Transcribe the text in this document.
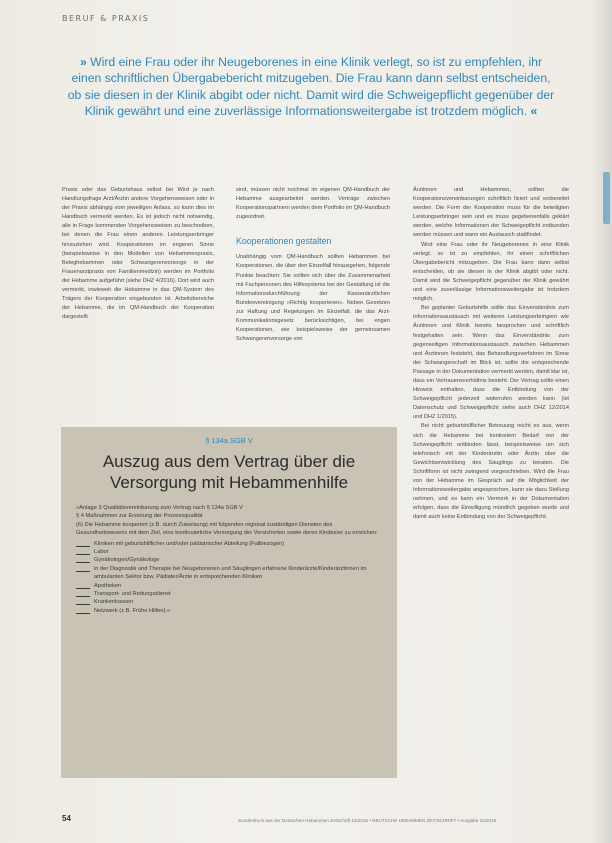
BERUF & PRAXIS
» Wird eine Frau oder ihr Neugeborenes in eine Klinik verlegt, so ist zu empfehlen, ihr einen schriftlichen Übergabebericht mitzugeben. Die Frau kann dann selbst entscheiden, ob sie diesen in der Klinik abgibt oder nicht. Damit wird die Schweigepflicht gegenüber der Klinik gewährt und eine zuverlässige Informationsweitergabe ist trotzdem möglich. «

Praxis oder das Geburtshaus selbst bei Wird je nach Handlungsfrage Arzt/Ärztin andere Vorgehensweisen oder in der Praxis abhängig vom jeweiligen Anlass, so kann dies im Handbuch vermerkt werden. Es ist jedoch nicht notwendig, alle in Frage kommenden Vorgehensweisen zu beschreiben, bei denen die Frau einen anderen Leistungserbringer hinzuziehen wird. Kooperationen im engeren Sinne (beispielsweise in den Modellen von Hebammenpraxis, Beleghebammen oder Schwangerenvorsorge in der Frauenarztpraxis von Familienmedizin) werden im Portfolio der Hebamme aufgeführt (siehe DHZ 4/2016). Dort wird auch vermerkt, inwieweit die Hebamme in das QM-System des Trägers der Kooperation eingebunden ist. Arbeitsbereiche der Hebamme, die im QM-Handbuch der Kooperation dargestellt

sind, müssen nicht nochmal im eigenen QM-Handbuch der Hebamme ausgearbeitet werden. Verträge zwischen Kooperationspartnern werden dem Portfolio im QM-Handbuch zugeordnet.

Kooperationen gestalten

Unabhängig vom QM-Handbuch sollten Hebammen bei Kooperationen, die über den Einzelfall hinausgehen, folgende Punkte beachten: Sie sollten sich über die Zusammenarbeit mit Fachpersonen des Hilfesystems bei der Gestaltung ist die Informationsdurchführung der Kassenärztlichen Bundesvereinigung »Richtig kooperieren«. Neben Gesetzen zur Haftung und Regelungen im Einzelfall, die das Arzt-Kommunikationsgesetz berücksichtigen, bei engen Kooperationen, wie beispielsweise der gemeinsamen Schwangerenvorsorge von

Ärztinnen und Hebammen, sollten die Kooperationsvereinbarungen schriftlich fixiert und vorbereitet werden. Die Form der Kooperation muss für die beteiligten Leistungserbringer sein und es muss gegebenenfalls geklärt werden, welche Informationen der Schweigepflicht entbunden werden müssen und wann ein Austausch stattfindet.

Wird eine Frau oder ihr Neugeborenes in eine Klinik verlegt, so ist zu empfehlen, ihr einen schriftlichen Übergabebericht mitzugeben. Die Frau kann dann selbst entscheiden, ob sie diesen in der Klinik abgibt oder nicht. Damit wird die Schweigepflicht gegenüber der Klinik gewährt und eine zuverlässige Informationsweitergabe ist trotzdem möglich.

Bei geplanter Geburtshilfe sollte das Einverständnis zum Informationsaustausch mit weiteren Leistungserbringern wie Ärztinnen und Klinik bereits besprochen und schriftlich festgehalten sein. Wenn das Einverständnis zum gegenseitigen Informationsaustausch zwischen Hebammen und Ärztinnen feststeht, das Behandlungsverfahren im Sinne der Schwangerschaft im Blick ist, sollte die entsprechende Passage in der Dokumentation vermerkt werden, damit klar ist, dass ein Vertrauensverhältnis besteht. Der Vertrag sollte einen Hinweis enthalten, dass die Entbindung von der Schweigepflicht jederzeit widerrufen werden kann (ist Datenschutz und Schweigepflicht siehe auch DHZ 12/2014 und DHZ 1/2015).

Bei nicht geburtshilflicher Betreuung reicht es aus, wenn sich die Hebamme bei konkretem Bedarf von der Schweigepflicht entbinden lässt, beispielsweise um sich telefonisch mit der Kinderärztin oder Ärztin über die Gewichtsentwicklung des Säuglings zu beraten. Die Schriftform ist nicht zwingend vorgeschrieben. Wird die Frau von der Hebamme im Gespräch auf die Möglichkeit der Informationsweitergabe angesprochen, kann sie dazu Stellung nehmen, und es kann ein Vermerk in der Dokumentation erfolgen, dass die Einwilligung mündlich gegeben wurde und damit auch keine Entbindung von der Schweigepflicht.

§ 134a SGB V
Auszug aus dem Vertrag über die Versorgung mit Hebammenhilfe

»Anlage 3 Qualitätsvereinbarung zum Vertrag nach § 134a SGB V

§ 4 Maßnahmen zur Erzielung der Prozessqualität

(6) Die Hebamme kooperiert (z.B. durch Zuweisung) mit folgenden regional zuständigen Diensten des Gesundheitswesens mit dem Ziel, eine kontinuierliche Versorgung der Versicherten sowie deren Kindes/er zu erreichen:

Kliniken mit geburtshilflicher und/oder pädiatrischer Abteilung (Fallbezogen)
Labor
Gynäkologen/Gynäkologe
in der Diagnostik und Therapie bei Neugeborenen und Säuglingen erfahrene Kinderärzte/Kinderärztinnen im ambulanten Sektor bzw. Pädiater/Ärzte in entsprechenden Kliniken
Apotheken
Transport- und Rettungsdienst
Krankenkassen
Netzwerk (z.B. Frühe Hilfen).«
54	Sonderdruck aus der Deutschen Hebammen Zeitschrift 10/2016 • DEUTSCHE HEBAMMEN ZEITSCHRIFT • Ausgabe 10/2016
